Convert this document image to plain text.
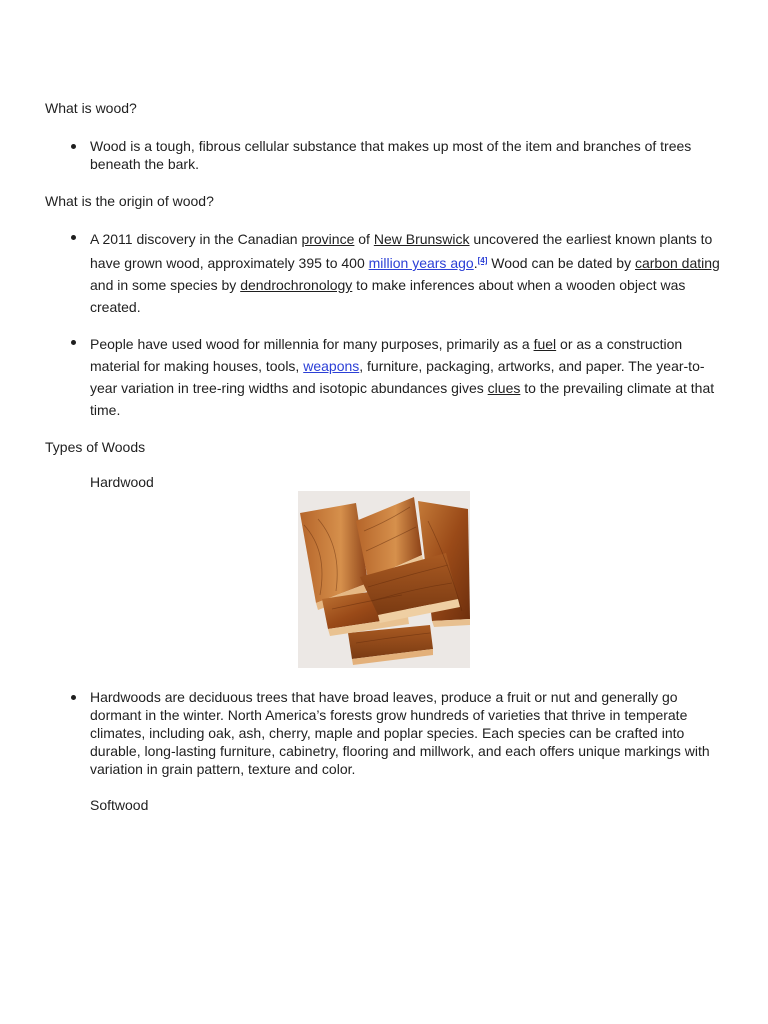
What is wood?

Wood is a tough, fibrous cellular substance that makes up most of the item and branches of trees beneath the bark.

What is the origin of wood?

A 2011 discovery in the Canadian province of New Brunswick uncovered the earliest known plants to have grown wood, approximately 395 to 400 million years ago.[4] Wood can be dated by carbon dating and in some species by dendrochronology to make inferences about when a wooden object was created.

People have used wood for millennia for many purposes, primarily as a fuel or as a construction material for making houses, tools, weapons, furniture, packaging, artworks, and paper. The year-to-year variation in tree-ring widths and isotopic abundances gives clues to the prevailing climate at that time.

Types of Woods

Hardwood

Hardwoods are deciduous trees that have broad leaves, produce a fruit or nut and generally go dormant in the winter. North America’s forests grow hundreds of varieties that thrive in temperate climates, including oak, ash, cherry, maple and poplar species. Each species can be crafted into durable, long-lasting furniture, cabinetry, flooring and millwork, and each offers unique markings with variation in grain pattern, texture and color.

Softwood
